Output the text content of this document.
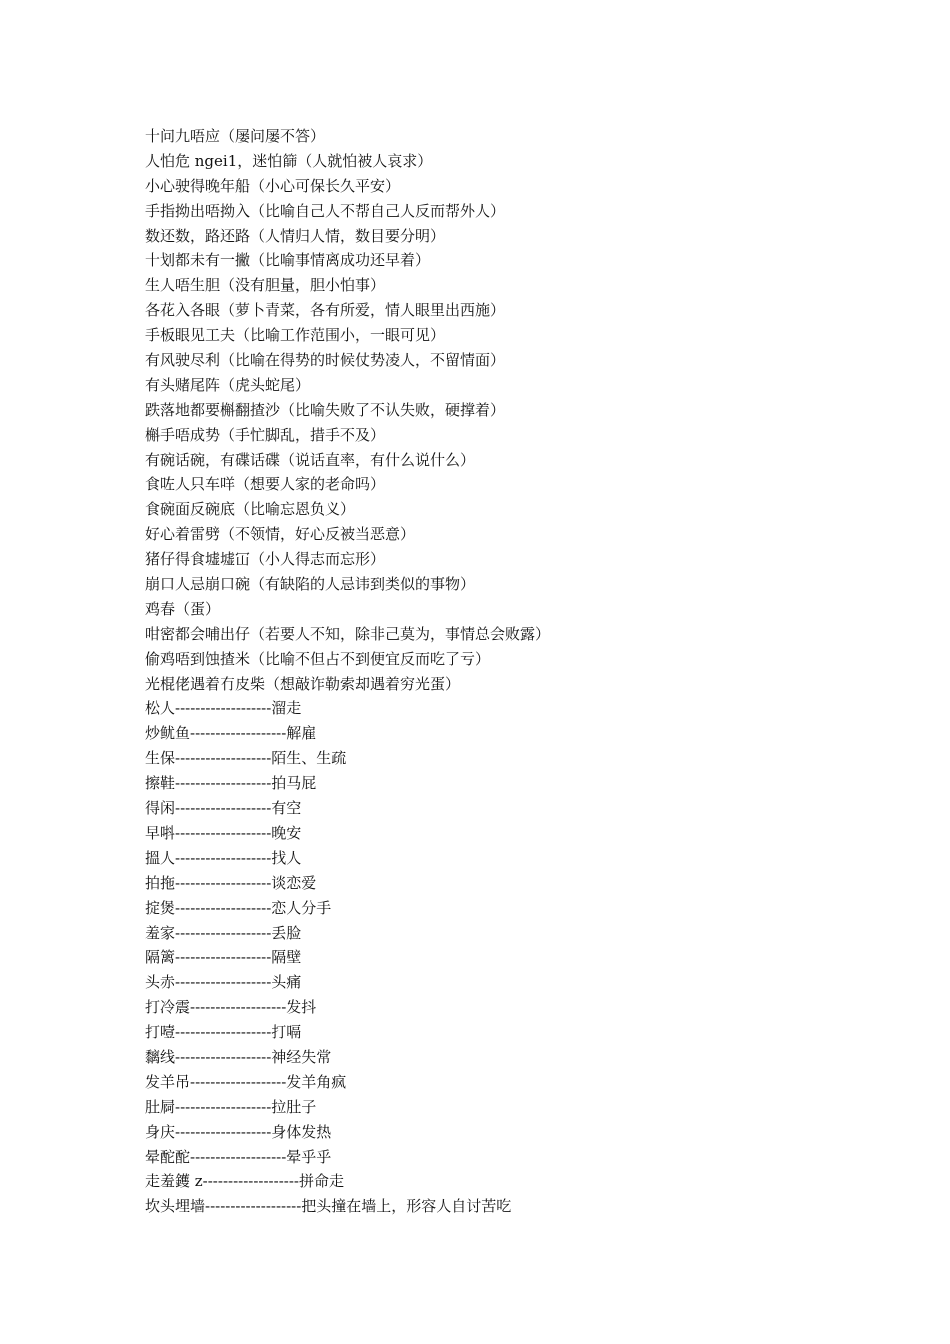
十问九唔应（屡问屡不答）
人怕危 ngei1，迷怕篩（人就怕被人哀求）
小心驶得晚年船（小心可保长久平安）
手指拗出唔拗入（比喻自己人不帮自己人反而帮外人）
数还数，路还路（人情归人情，数目要分明）
十划都未有一撇（比喻事情离成功还早着）
生人唔生胆（没有胆量，胆小怕事）
各花入各眼（萝卜青菜，各有所爱，情人眼里出西施）
手板眼见工夫（比喻工作范围小，一眼可见）
有风驶尽利（比喻在得势的时候仗势凌人，不留情面）
有头赌尾阵（虎头蛇尾）
跌落地都要槲翻揸沙（比喻失败了不认失败，硬撑着）
槲手唔成势（手忙脚乱，措手不及）
有碗话碗，有碟话碟（说话直率，有什么说什么）
食咗人只车咩（想要人家的老命吗）
食碗面反碗底（比喻忘恩负义）
好心着雷劈（不领情，好心反被当恶意）
猪仔得食墟墟冚（小人得志而忘形）
崩口人忌崩口碗（有缺陷的人忌讳到类似的事物）
鸡春（蛋）
咁密都会哺出仔（若要人不知，除非己莫为，事情总会败露）
偷鸡唔到蚀揸米（比喻不但占不到便宜反而吃了亏）
光棍佬遇着冇皮柴（想敲诈勒索却遇着穷光蛋）
松人-------------------溜走
炒鱿鱼-------------------解雇
生保-------------------陌生、生疏
擦鞋-------------------拍马屁
得闲-------------------有空
早唞-------------------晚安
搵人-------------------找人
拍拖-------------------谈恋爱
掟煲-------------------恋人分手
羞家-------------------丢脸
隔篱-------------------隔壁
头赤-------------------头痛
打冷震-------------------发抖
打噎-------------------打嗝
黐线-------------------神经失常
发羊吊-------------------发羊角疯
肚屙-------------------拉肚子
身庆-------------------身体发热
晕酡酡-------------------晕乎乎
走羞鑊 z-------------------拼命走
坎头埋墙-------------------把头撞在墙上，形容人自讨苦吃
